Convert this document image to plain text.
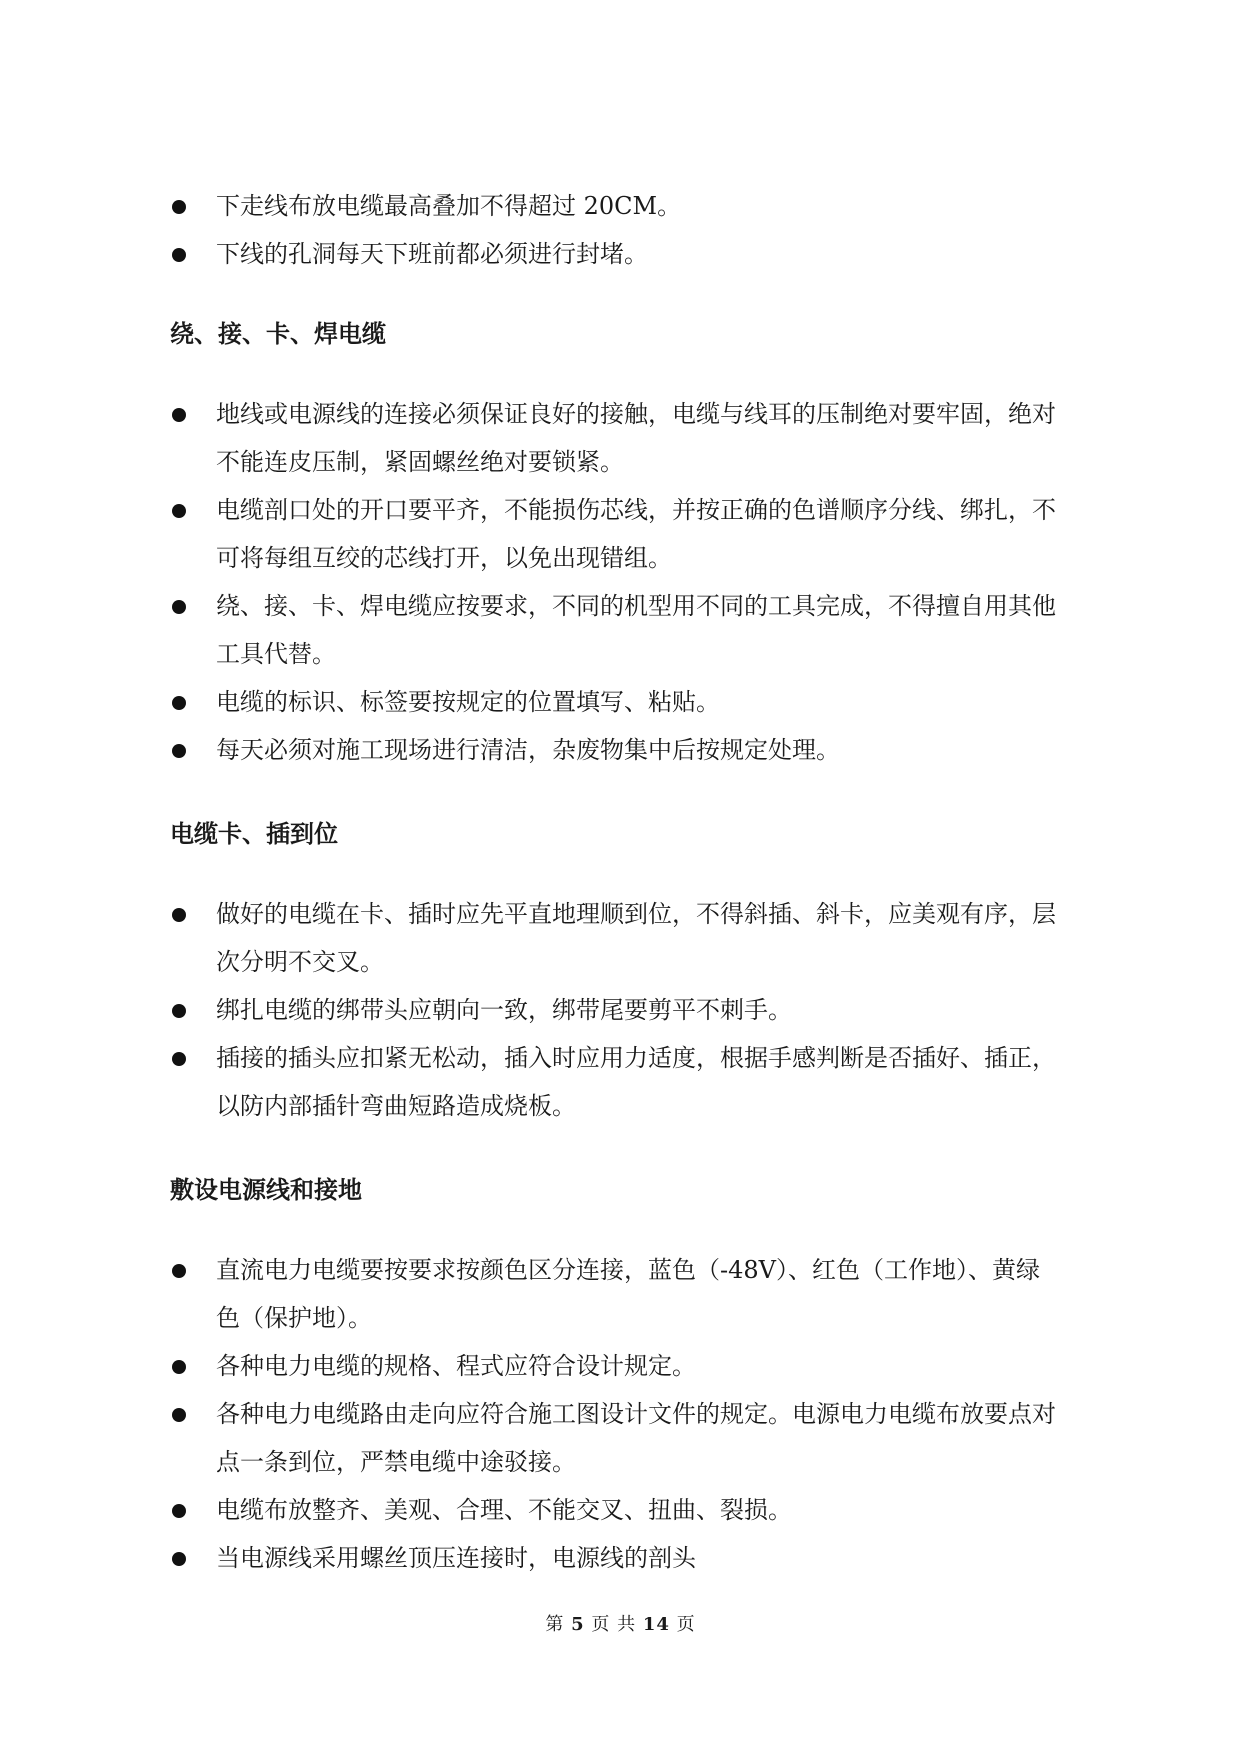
下走线布放电缆最高叠加不得超过 20CM。
下线的孔洞每天下班前都必须进行封堵。
绕、接、卡、焊电缆
地线或电源线的连接必须保证良好的接触，电缆与线耳的压制绝对要牢固，绝对不能连皮压制，紧固螺丝绝对要锁紧。
电缆剖口处的开口要平齐，不能损伤芯线，并按正确的色谱顺序分线、绑扎，不可将每组互绞的芯线打开，以免出现错组。
绕、接、卡、焊电缆应按要求，不同的机型用不同的工具完成，不得擅自用其他工具代替。
电缆的标识、标签要按规定的位置填写、粘贴。
每天必须对施工现场进行清洁，杂废物集中后按规定处理。
电缆卡、插到位
做好的电缆在卡、插时应先平直地理顺到位，不得斜插、斜卡，应美观有序，层次分明不交叉。
绑扎电缆的绑带头应朝向一致，绑带尾要剪平不刺手。
插接的插头应扣紧无松动，插入时应用力适度，根据手感判断是否插好、插正，以防内部插针弯曲短路造成烧板。
敷设电源线和接地
直流电力电缆要按要求按颜色区分连接，蓝色（-48V）、红色（工作地）、黄绿色（保护地）。
各种电力电缆的规格、程式应符合设计规定。
各种电力电缆路由走向应符合施工图设计文件的规定。电源电力电缆布放要点对点一条到位，严禁电缆中途驳接。
电缆布放整齐、美观、合理、不能交叉、扭曲、裂损。
当电源线采用螺丝顶压连接时，电源线的剖头
第 5 页 共 14 页
